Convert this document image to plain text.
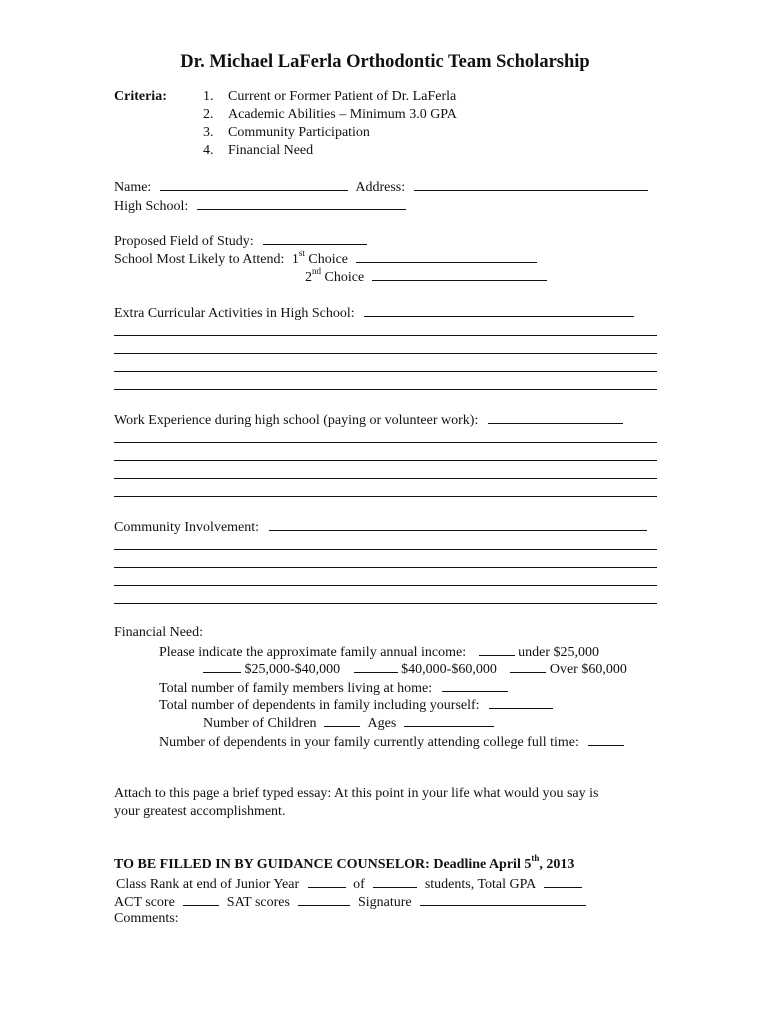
Dr. Michael LaFerla Orthodontic Team Scholarship
Criteria:	1. Current or Former Patient of Dr. LaFerla
2. Academic Abilities – Minimum 3.0 GPA
3. Community Participation
4. Financial Need
Name:	Address:
High School:
Proposed Field of Study:
School Most Likely to Attend: 1st Choice
2nd Choice
Extra Curricular Activities in High School:
Work Experience during high school (paying or volunteer work):
Community Involvement:
Financial Need:
Please indicate the approximate family annual income:	under $25,000
$25,000-$40,000	$40,000-$60,000	Over $60,000
Total number of family members living at home:
Total number of dependents in family including yourself:
Number of Children	Ages
Number of dependents in your family currently attending college full time:
Attach to this page a brief typed essay: At this point in your life what would you say is
your greatest accomplishment.
TO BE FILLED IN BY GUIDANCE COUNSELOR: Deadline April 5th, 2013
Class Rank at end of Junior Year	of	students, Total GPA
ACT score	SAT scores	Signature
Comments:
